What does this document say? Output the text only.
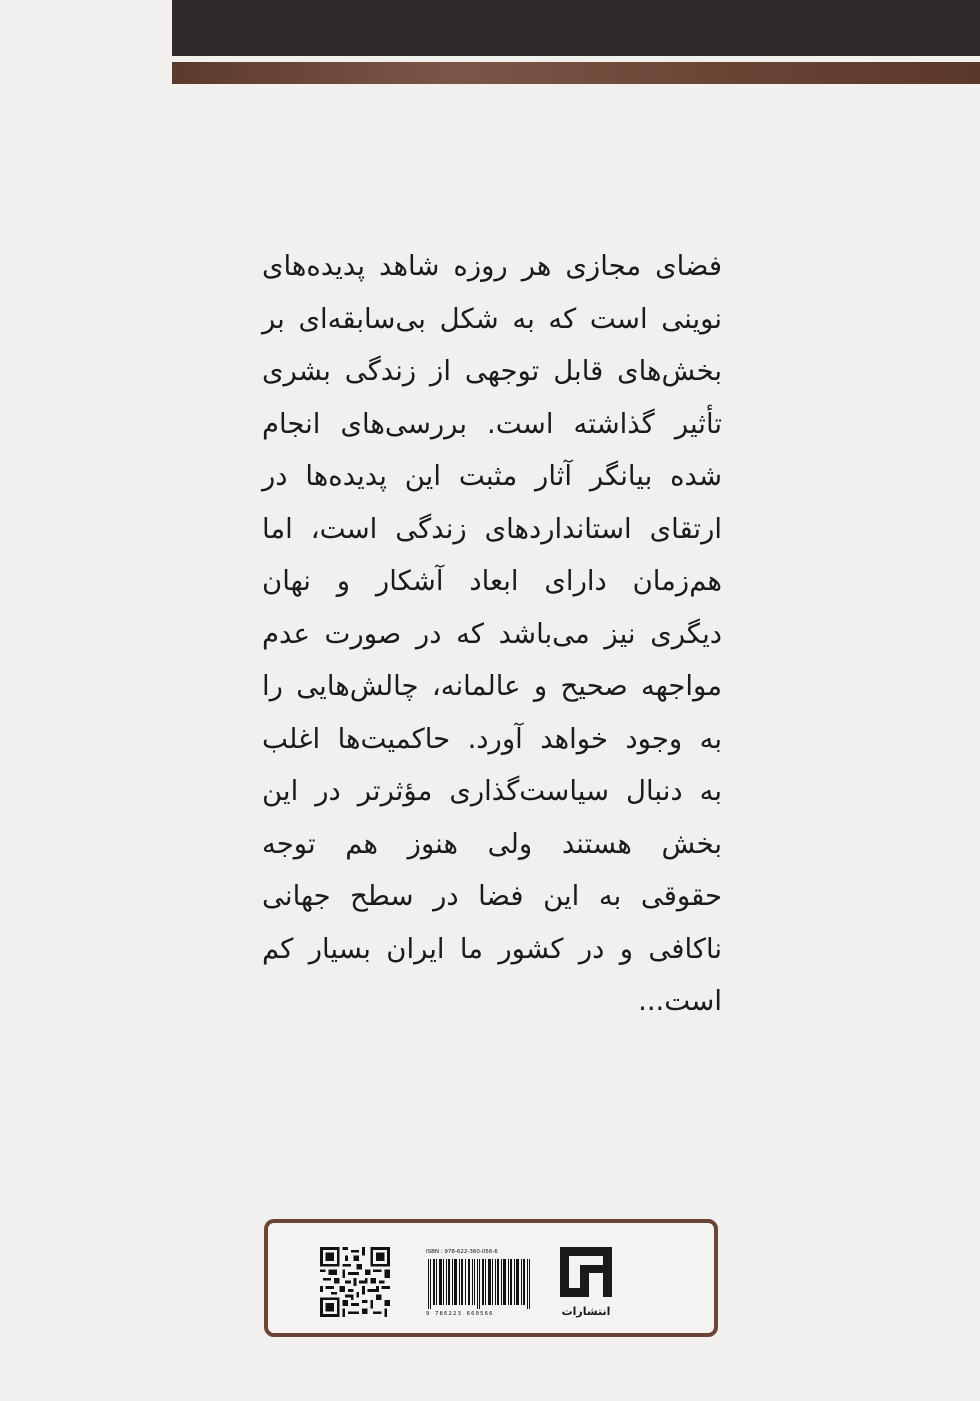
فضای مجازی هر روزه شاهد پدیده‌های
نوینی است که به شکل بی‌سابقه‌ای بر
بخش‌های قابل توجهی از زندگی بشری
تأثیر گذاشته است. بررسی‌های انجام
شده بیانگر آثار مثبت این پدیده‌ها در
ارتقای استانداردهای زندگی است، اما
هم‌زمان دارای ابعاد آشکار و نهان
دیگری نیز می‌باشد که در صورت عدم
مواجهه صحیح و عالمانه، چالش‌هایی را
به وجود خواهد آورد. حاکمیت‌ها اغلب
به دنبال سیاست‌گذاری مؤثرتر در این
بخش هستند ولی هنوز هم توجه
حقوقی به این فضا در سطح جهانی
ناکافی و در کشور ما ایران بسیار کم
است...
ISBN : 978-622-360-056-6
9 786223 660566	انتشارات
